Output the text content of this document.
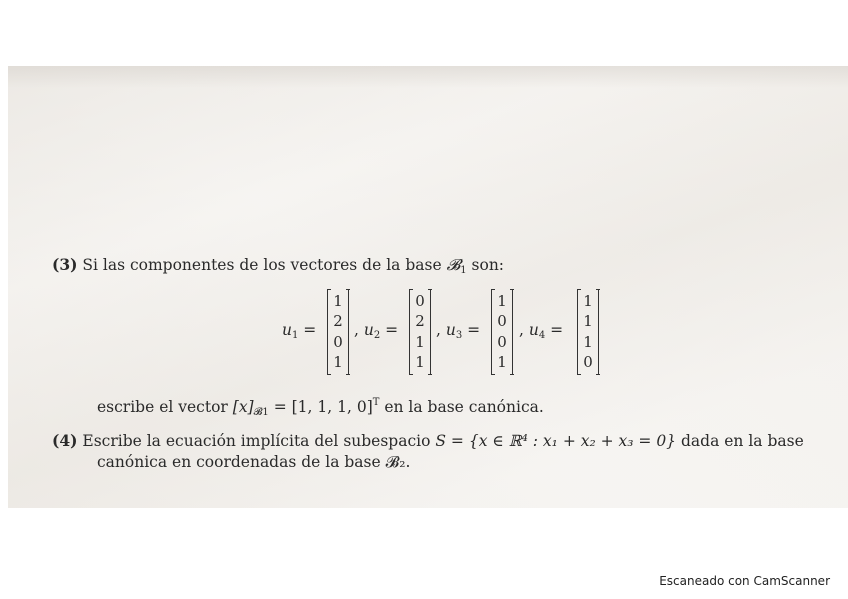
(3) Si las componentes de los vectores de la base 𝓑$_1$ son:
$u_1$ =
1
2
0
1
, $u_2$ =
0
2
1
1
, $u_3$ =
1
0
0
1
, $u_4$ =
1
1
1
0
escribe el vector $[x]_{𝓑1} = [1$, 1, 1, 0]$^T$ en la base canónica.
(4) Escribe la ecuación implícita del subespacio S = {x ∈ ℝ⁴ : x₁ + x₂ + x₃ = 0} dada en la base
canónica en coordenadas de la base 𝓑₂.
Escaneado con CamScanner
